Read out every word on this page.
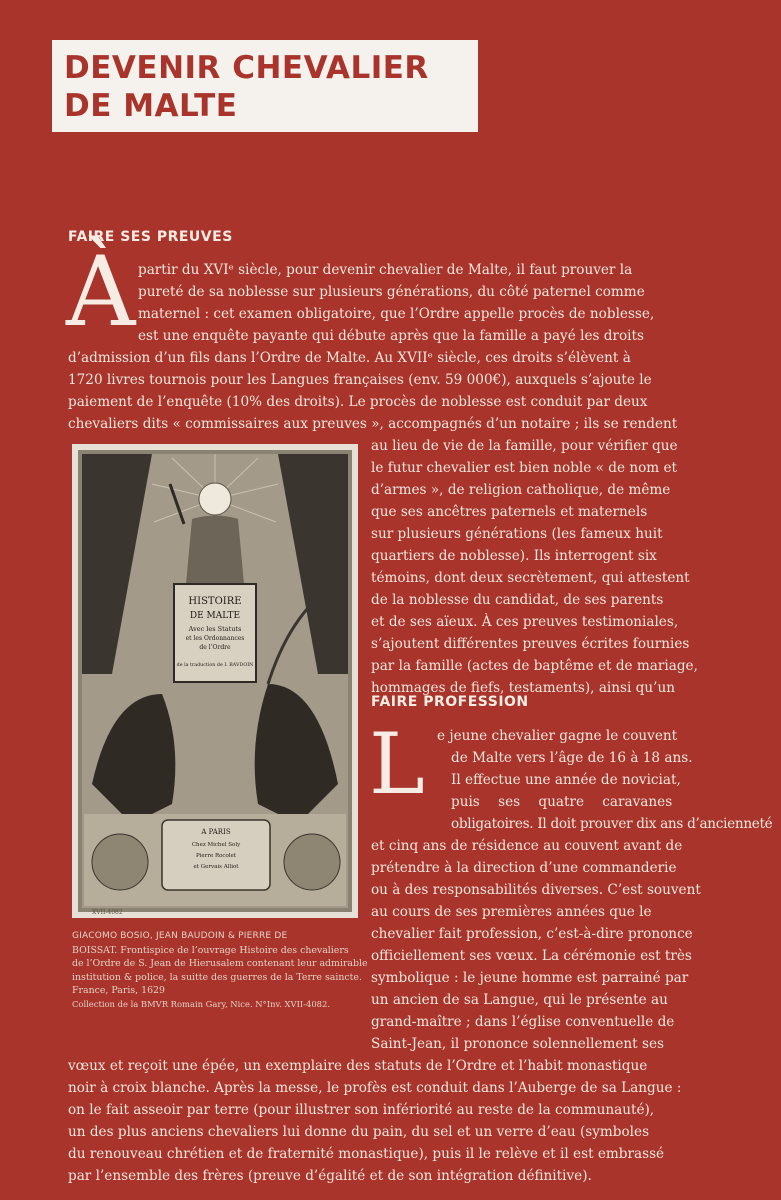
DEVENIR CHEVALIER
DE MALTE
FAIRE SES PREUVES
À partir du XVIᵉ siècle, pour devenir chevalier de Malte, il faut prouver la
pureté de sa noblesse sur plusieurs générations, du côté paternel comme
maternel : cet examen obligatoire, que l’Ordre appelle procès de noblesse,
est une enquête payante qui débute après que la famille a payé les droits
d’admission d’un fils dans l’Ordre de Malte. Au XVIIᵉ siècle, ces droits s’élèvent à
1720 livres tournois pour les Langues françaises (env. 59 000€), auxquels s’ajoute le
paiement de l’enquête (10% des droits). Le procès de noblesse est conduit par deux
chevaliers dits « commissaires aux preuves », accompagnés d’un notaire ; ils se rendent
au lieu de vie de la famille, pour vérifier que
le futur chevalier est bien noble « de nom et
d’armes », de religion catholique, de même
que ses ancêtres paternels et maternels
sur plusieurs générations (les fameux huit
quartiers de noblesse). Ils interrogent six
témoins, dont deux secrètement, qui attestent
de la noblesse du candidat, de ses parents
et de ses aïeux. À ces preuves testimoniales,
s’ajoutent différentes preuves écrites fournies
par la famille (actes de baptême et de mariage,
hommages de fiefs, testaments), ainsi qu’un
FAIRE PROFESSION
L e jeune chevalier gagne le couvent
de Malte vers l’âge de 16 à 18 ans.
Il effectue une année de noviciat,
puis ses quatre caravanes
obligatoires. Il doit prouver dix ans d’ancienneté
et cinq ans de résidence au couvent avant de
prétendre à la direction d’une commanderie
ou à des responsabilités diverses. C’est souvent
au cours de ses premières années que le
chevalier fait profession, c’est-à-dire prononce
officiellement ses vœux. La cérémonie est très
symbolique : le jeune homme est parrainé par
un ancien de sa Langue, qui le présente au
grand-maître ; dans l’église conventuelle de
Saint-Jean, il prononce solennellement ses
vœux et reçoit une épée, un exemplaire des statuts de l’Ordre et l’habit monastique
noir à croix blanche. Après la messe, le profès est conduit dans l’Auberge de sa Langue :
on le fait asseoir par terre (pour illustrer son infériorité au reste de la communauté),
un des plus anciens chevaliers lui donne du pain, du sel et un verre d’eau (symboles
du renouveau chrétien et de fraternité monastique), puis il le relève et il est embrassé
par l’ensemble des frères (preuve d’égalité et de son intégration définitive).
HISTOIRE
DE MALTE
Avec les Statuts
et les Ordonnances
de l’Ordre
de la traduction de I. BAVDOIN
A PARIS
Chez Michel Soly
Pierre Rocolet
et Gervais Alliot
XVII-4082
GIACOMO BOSIO, JEAN BAUDOIN & PIERRE DE
BOISSAT. Frontispice de l’ouvrage Histoire des chevaliers
de l’Ordre de S. Jean de Hierusalem contenant leur admirable
institution & police, la suitte des guerres de la Terre saincte.
France, Paris, 1629
Collection de la BMVR Romain Gary, Nice. N°Inv. XVII-4082.
